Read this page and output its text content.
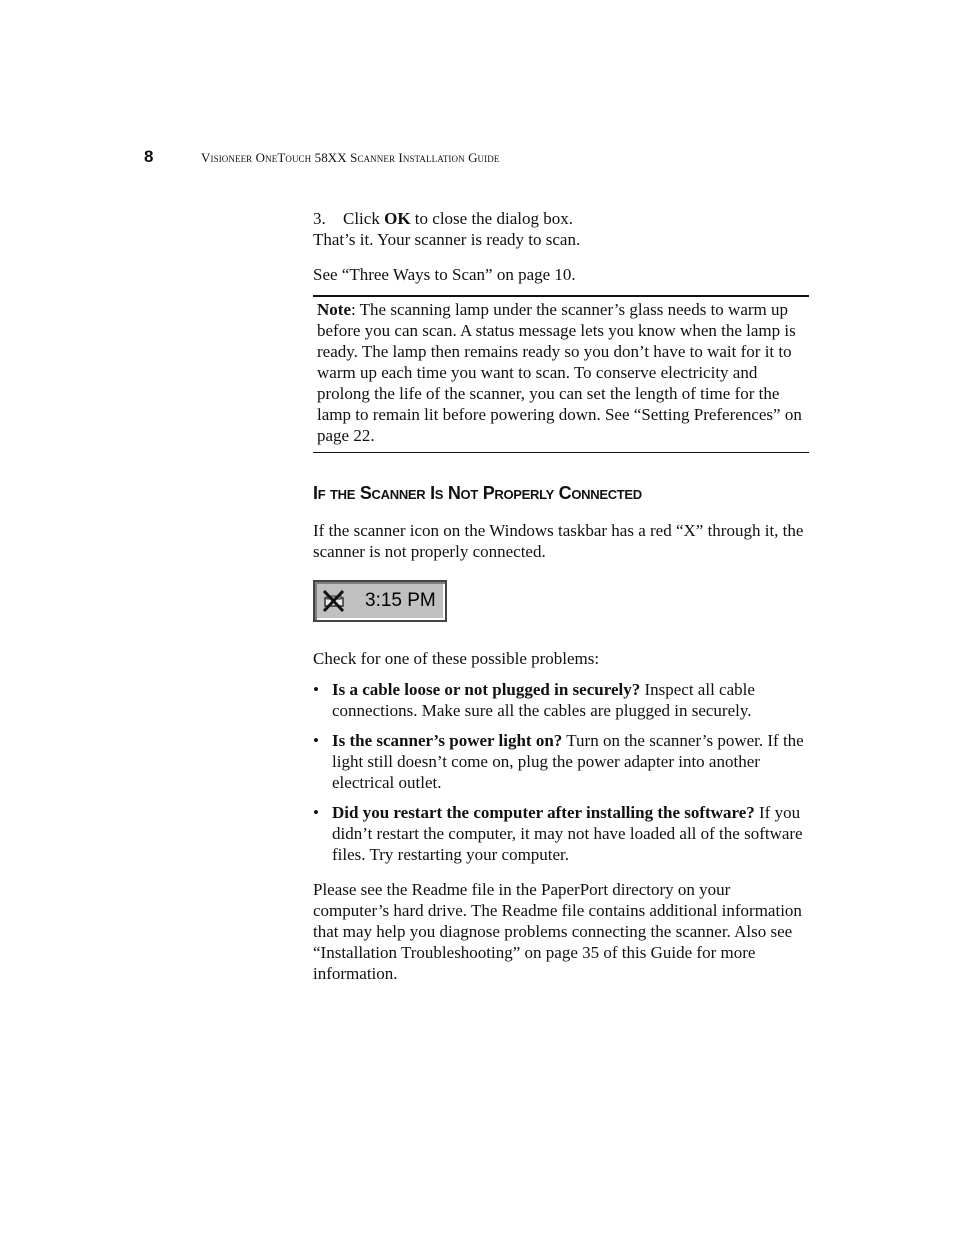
8	Visioneer OneTouch 58XX Scanner Installation Guide

3. Click OK to close the dialog box.

That’s it. Your scanner is ready to scan.

See “Three Ways to Scan” on page 10.

Note: The scanning lamp under the scanner’s glass needs to warm up before you can scan. A status message lets you know when the lamp is ready. The lamp then remains ready so you don’t have to wait for it to warm up each time you want to scan. To conserve electricity and prolong the life of the scanner, you can set the length of time for the lamp to remain lit before powering down. See “Setting Preferences” on page 22.

If the Scanner Is Not Properly Connected

If the scanner icon on the Windows taskbar has a red “X” through it, the scanner is not properly connected.

3:15 PM

Check for one of these possible problems:

• Is a cable loose or not plugged in securely? Inspect all cable connections. Make sure all the cables are plugged in securely.
• Is the scanner’s power light on? Turn on the scanner’s power. If the light still doesn’t come on, plug the power adapter into another electrical outlet.
• Did you restart the computer after installing the software? If you didn’t restart the computer, it may not have loaded all of the software files. Try restarting your computer.

Please see the Readme file in the PaperPort directory on your computer’s hard drive. The Readme file contains additional information that may help you diagnose problems connecting the scanner. Also see “Installation Troubleshooting” on page 35 of this Guide for more information.
